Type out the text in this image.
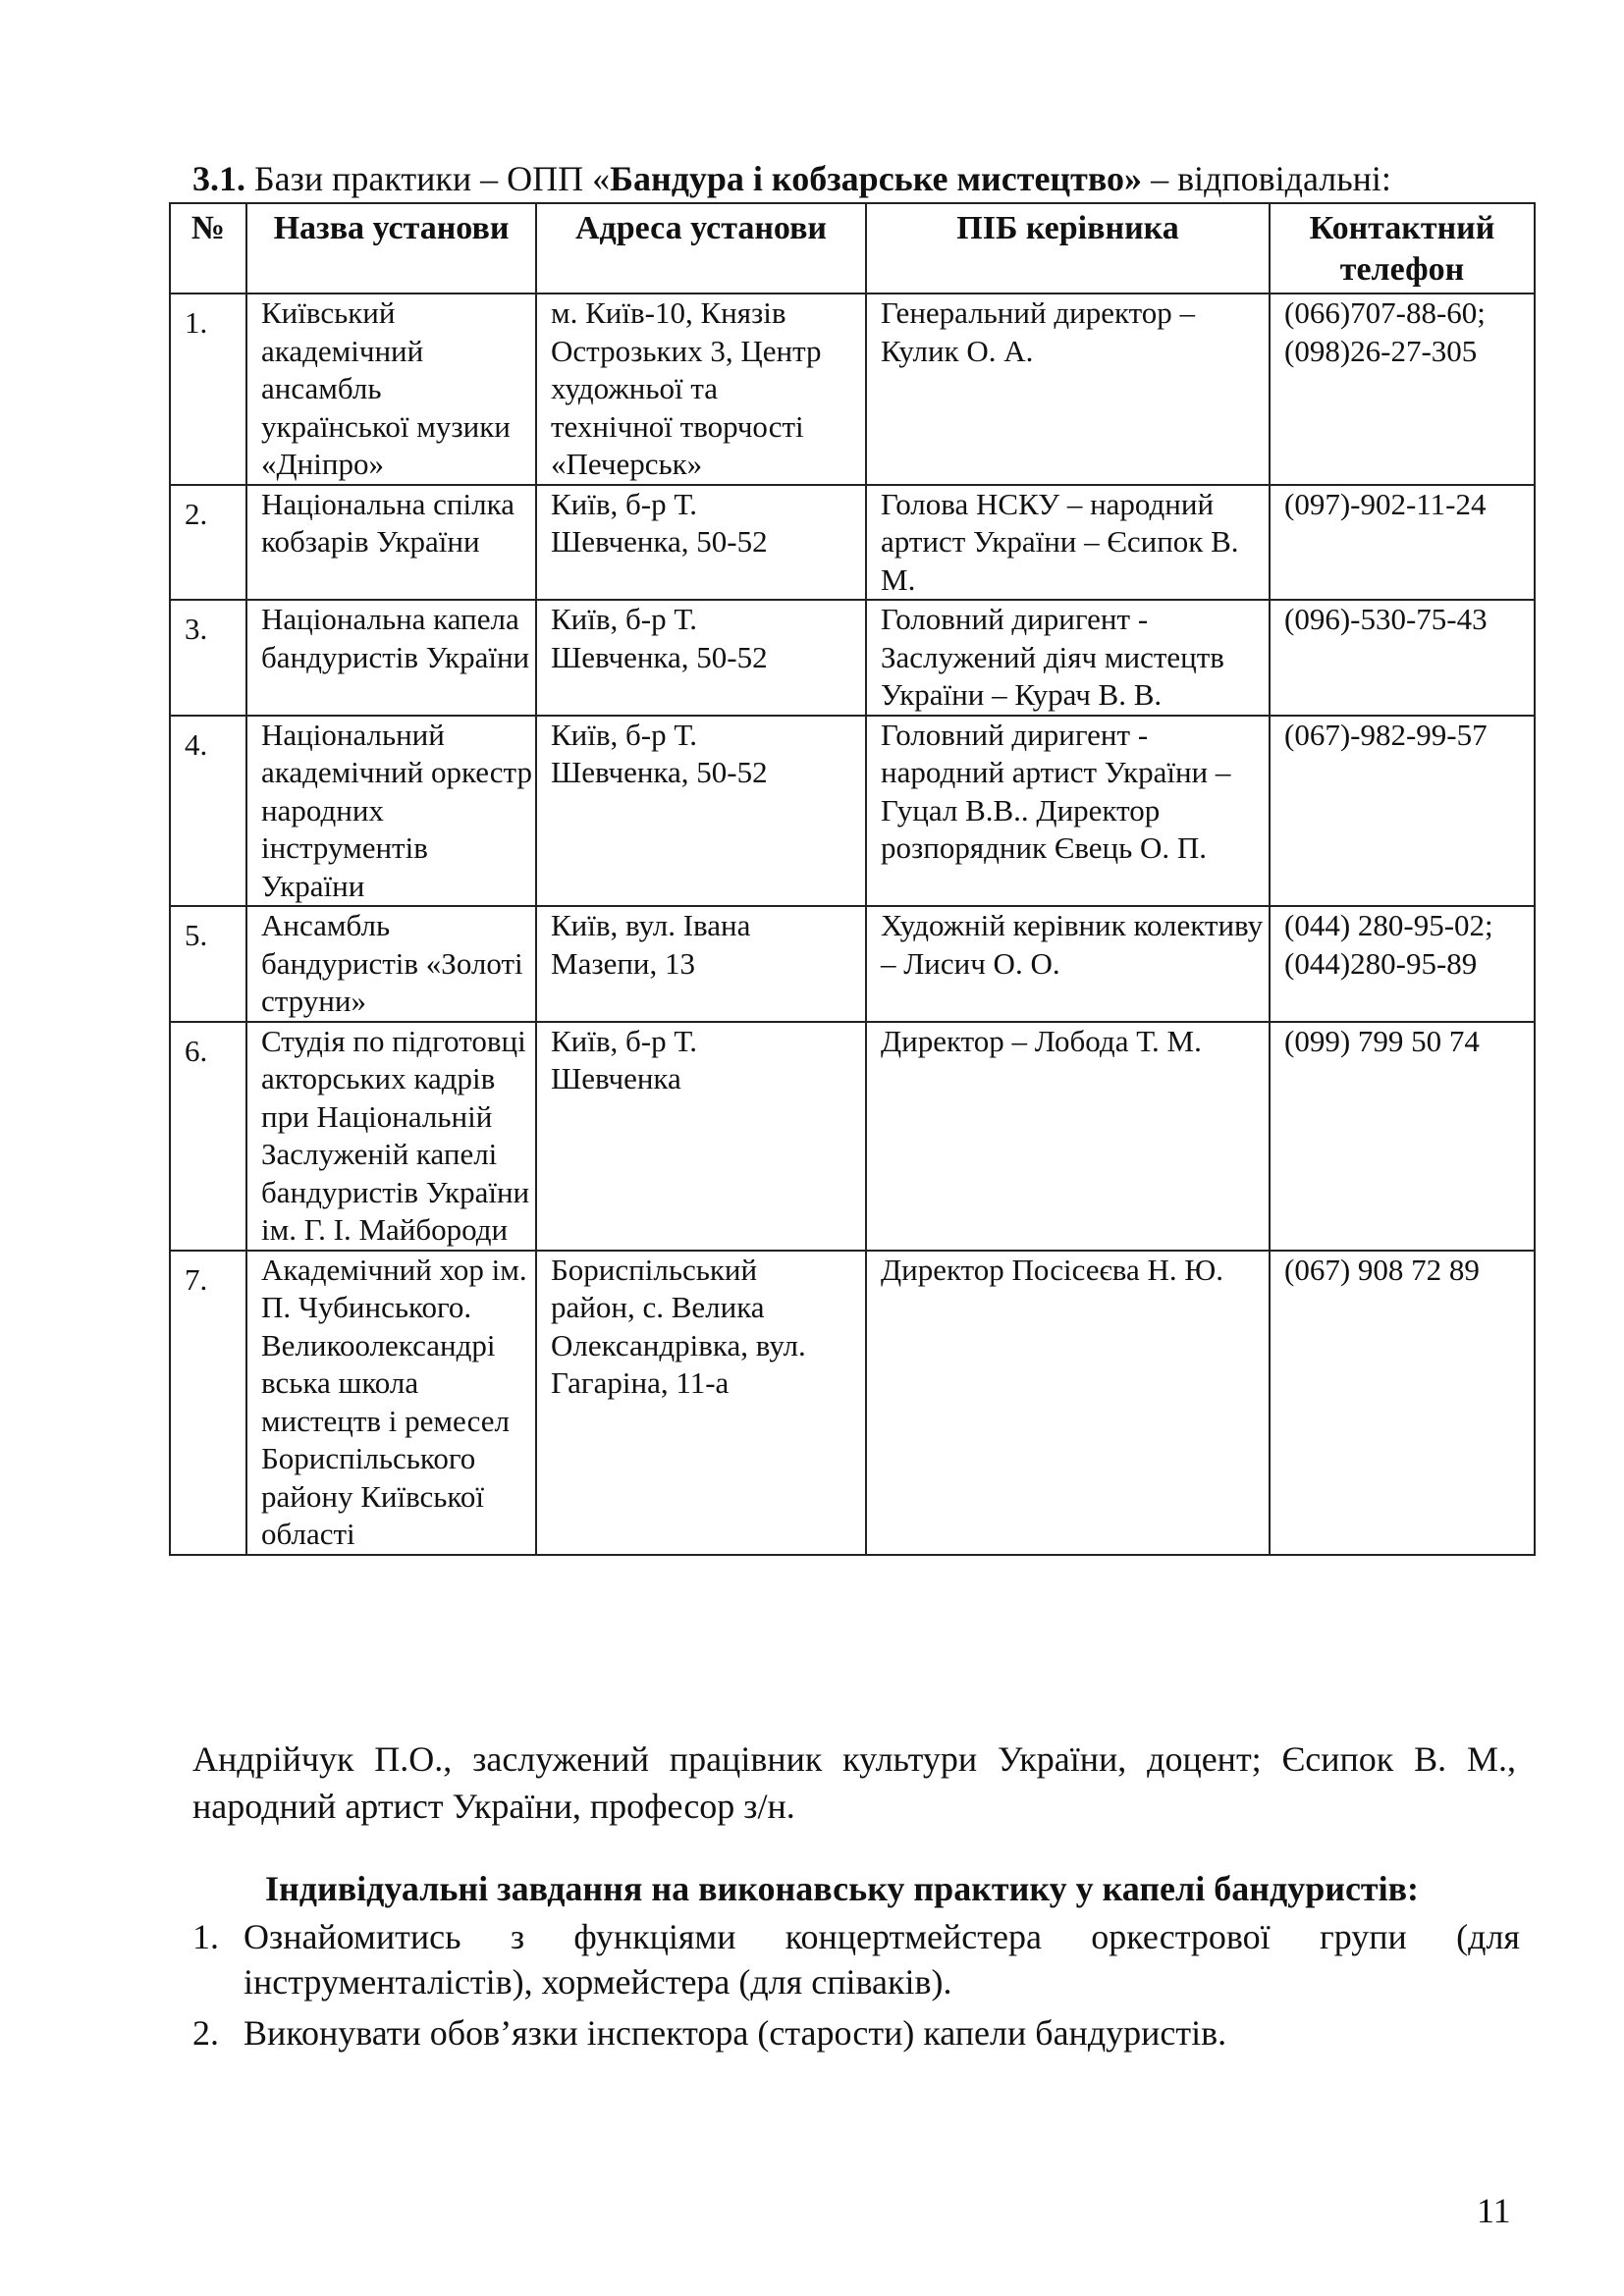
3.1. Бази практики – ОПП «Бандура і кобзарське мистецтво» – відповідальні:
№	Назва установи	Адреса установи	ПІБ керівника	Контактний телефон
1.	Київський академічний ансамбль української музики «Дніпро»	м. Київ-10, Князів
Острозьких 3, Центр
художньої та
технічної творчості
«Печерськ»	Генеральний директор – Кулик О. А.	(066)707-88-60; (098)26-27-305
2.	Національна спілка кобзарів України	Київ, б-р Т.
Шевченка, 50-52	Голова НСКУ – народний артист України – Єсипок В. М.	(097)-902-11-24
3.	Національна капела бандуристів України	Київ, б-р Т.
Шевченка, 50-52	Головний диригент - Заслужений діяч мистецтв України – Курач В. В.	(096)-530-75-43
4.	Національний академічний оркестр народних інструментів України	Київ, б-р Т.
Шевченка, 50-52	Головний диригент - народний артист України – Гуцал В.В.. Директор розпорядник Євець О. П.	(067)-982-99-57
5.	Ансамбль бандуристів «Золоті струни»	Київ, вул. Івана
Мазепи, 13	Художній керівник колективу – Лисич О. О.	(044) 280-95-02; (044)280-95-89
6.	Студія по підготовці акторських кадрів при Національній Заслуженій капелі бандуристів України ім. Г. І. Майбороди	Київ, б-р Т.
Шевченка	Директор – Лобода Т. М.	(099) 799 50 74
7.	Академічний хор ім. П. Чубинського. Великоолександрі вська школа мистецтв і ремесел Бориспільського району Київської області	Бориспільський
район, с. Велика
Олександрівка, вул.
Гагаріна, 11-а	Директор Посісеєва Н. Ю.	(067) 908 72 89
Андрійчук П.О., заслужений працівник культури України, доцент; Єсипок В. М., народний артист України, професор з/н.
Індивідуальні завдання на виконавську практику у капелі бандуристів:
1. Ознайомитись з функціями концертмейстера оркестрової групи (для інструменталістів), хормейстера (для співаків).
2. Виконувати обов’язки інспектора (старости) капели бандуристів.
11
